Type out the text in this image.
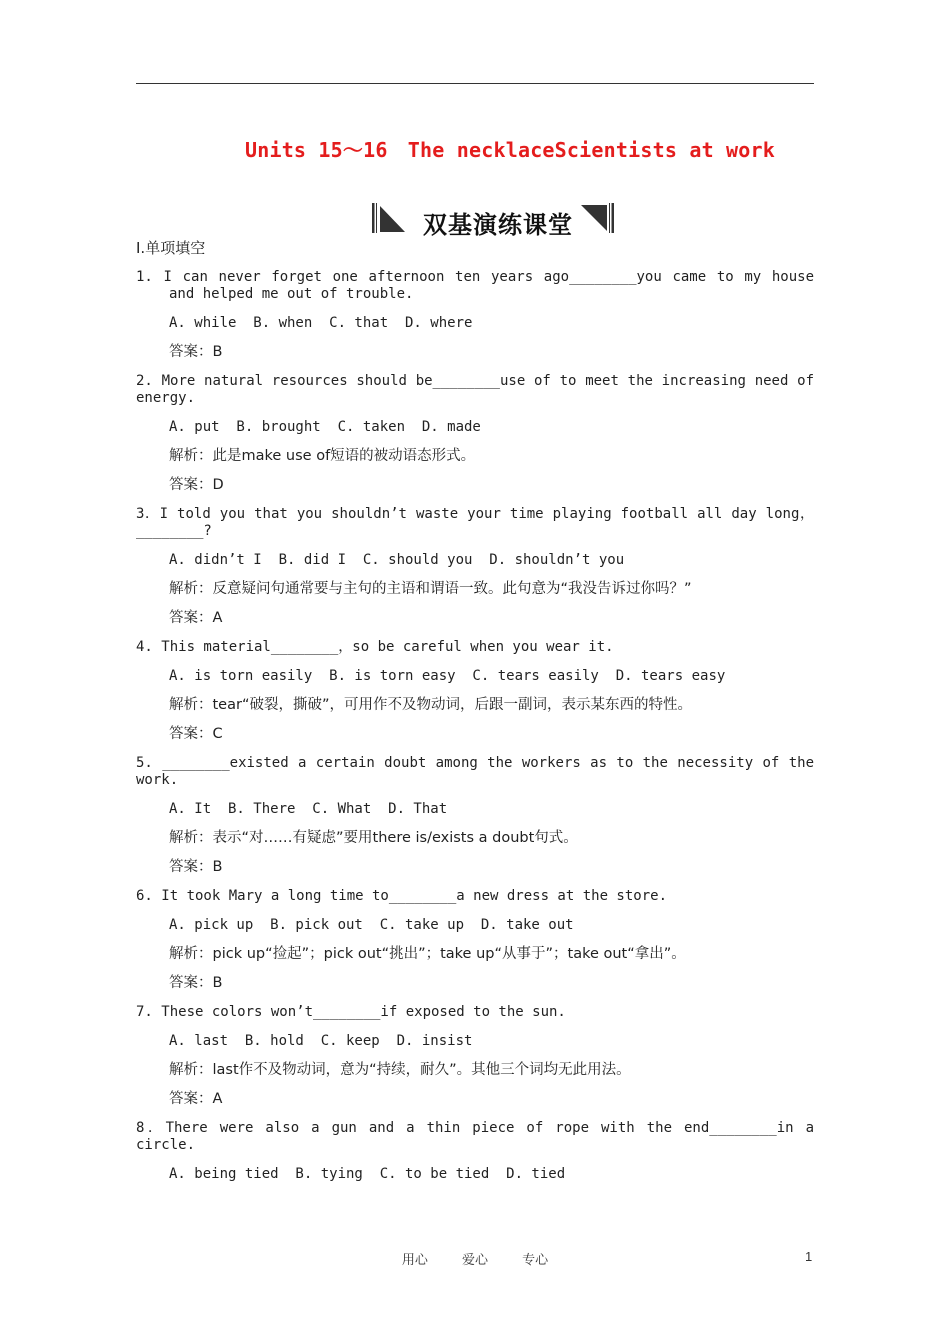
Units 15～16　The necklaceScientists at work
双基演练课堂
Ⅰ.单项填空
1. I can never forget one afternoon ten years ago________you came to my house and helped me out of trouble.
A. while  B. when  C. that  D. where
答案：B
2. More natural resources should be________use of to meet the increasing need of energy.
A. put  B. brought  C. taken  D. made
解析：此是make use of短语的被动语态形式。
答案：D
3．I told you that you shouldn’t waste your time playing football all day long，________?
A. didn’t I  B. did I  C. should you  D. shouldn’t you
解析：反意疑问句通常要与主句的主语和谓语一致。此句意为“我没告诉过你吗？”
答案：A
4. This material________，so be careful when you wear it.
A. is torn easily  B. is torn easy  C. tears easily  D. tears easy
解析：tear“破裂，撕破”，可用作不及物动词，后跟一副词，表示某东西的特性。
答案：C
5. ________existed a certain doubt among the workers as to the necessity of the work.
A. It  B. There  C. What  D. That
解析：表示“对……有疑虑”要用there is/exists a doubt句式。
答案：B
6. It took Mary a long time to________a new dress at the store.
A. pick up  B. pick out  C. take up  D. take out
解析：pick up“捡起”；pick out“挑出”；take up“从事于”；take out“拿出”。
答案：B
7. These colors won’t________if exposed to the sun.
A. last  B. hold  C. keep  D. insist
解析：last作不及物动词，意为“持续，耐久”。其他三个词均无此用法。
答案：A
8．There were also a gun and a thin piece of rope with the end________in a circle.
A. being tied  B. tying  C. to be tied  D. tied
用心 爱心 专心	1
